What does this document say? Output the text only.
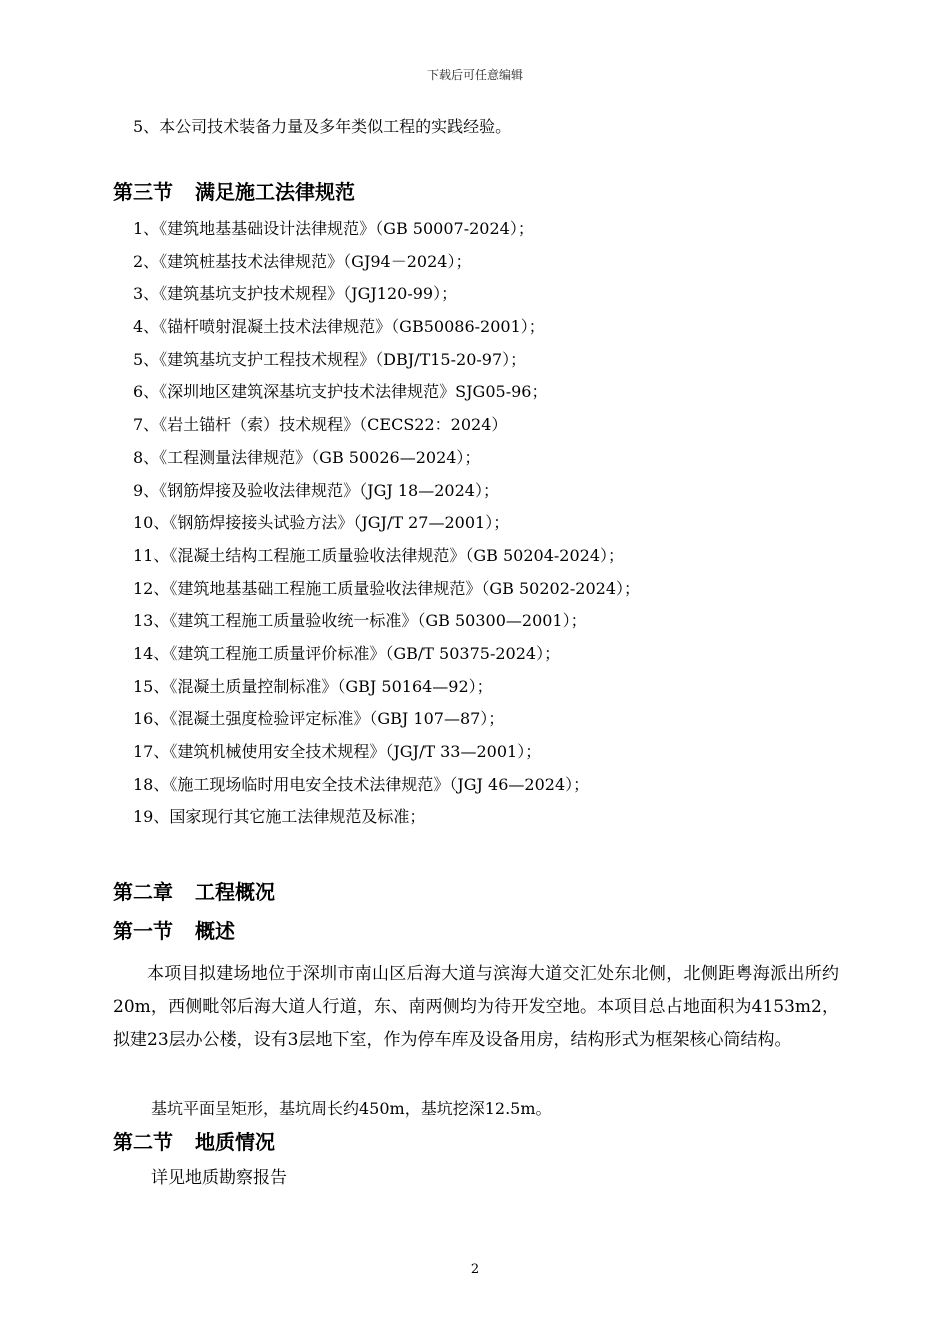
下载后可任意编辑
5、本公司技术装备力量及多年类似工程的实践经验。
第三节 满足施工法律规范
1、《建筑地基基础设计法律规范》（GB 50007-2024）；
2、《建筑桩基技术法律规范》（GJ94－2024）；
3、《建筑基坑支护技术规程》（JGJ120-99）；
4、《锚杆喷射混凝土技术法律规范》（GB50086-2001）；
5、《建筑基坑支护工程技术规程》（DBJ/T15-20-97）；
6、《深圳地区建筑深基坑支护技术法律规范》SJG05-96；
7、《岩土锚杆（索）技术规程》（CECS22：2024）
8、《工程测量法律规范》（GB 50026—2024）；
9、《钢筋焊接及验收法律规范》（JGJ 18—2024）；
10、《钢筋焊接接头试验方法》（JGJ/T 27—2001）；
11、《混凝土结构工程施工质量验收法律规范》（GB 50204-2024）；
12、《建筑地基基础工程施工质量验收法律规范》（GB 50202-2024）；
13、《建筑工程施工质量验收统一标准》（GB 50300—2001）；
14、《建筑工程施工质量评价标准》（GB/T 50375-2024）；
15、《混凝土质量控制标准》（GBJ 50164—92）；
16、《混凝土强度检验评定标准》（GBJ 107—87）；
17、《建筑机械使用安全技术规程》（JGJ/T 33—2001）；
18、《施工现场临时用电安全技术法律规范》（JGJ 46—2024）；
19、国家现行其它施工法律规范及标准；
第二章 工程概况
第一节 概述

本项目拟建场地位于深圳市南山区后海大道与滨海大道交汇处东北侧，北侧距粤海派出所约20m，西侧毗邻后海大道人行道，东、南两侧均为待开发空地。本项目总占地面积为4153m2，拟建23层办公楼，设有3层地下室，作为停车库及设备用房，结构形式为框架核心筒结构。

基坑平面呈矩形，基坑周长约450m，基坑挖深12.5m。
第二节 地质情况
详见地质勘察报告
2
